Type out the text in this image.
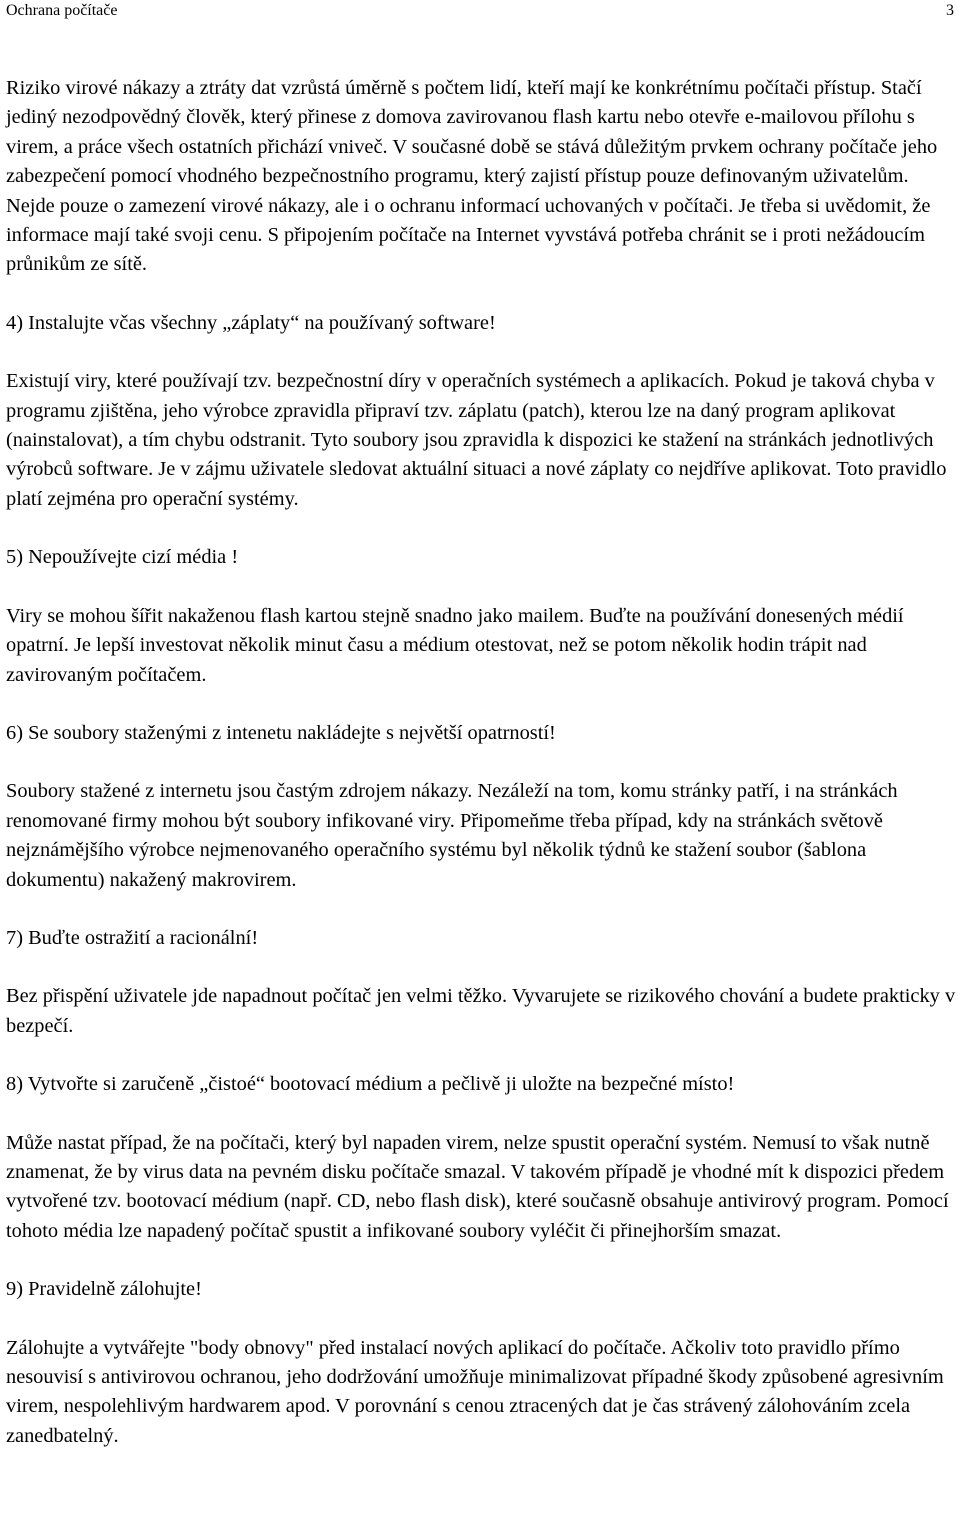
Ochrana počítače	3

Riziko virové nákazy a ztráty dat vzrůstá úměrně s počtem lidí, kteří mají ke konkrétnímu počítači přístup. Stačí jediný nezodpovědný člověk, který přinese z domova zavirovanou flash kartu nebo otevře e-mailovou přílohu s virem, a práce všech ostatních přichází vniveč. V současné době se stává důležitým prvkem ochrany počítače jeho zabezpečení pomocí vhodného bezpečnostního programu, který zajistí přístup pouze definovaným uživatelům. Nejde pouze o zamezení virové nákazy, ale i o ochranu informací uchovaných v počítači. Je třeba si uvědomit, že informace mají také svoji cenu. S připojením počítače na Internet vyvstává potřeba chránit se i proti nežádoucím průnikům ze sítě.

4) Instalujte včas všechny „záplaty“ na používaný software!

Existují viry, které používají tzv. bezpečnostní díry v operačních systémech a aplikacích. Pokud je taková chyba v programu zjištěna, jeho výrobce zpravidla připraví tzv. záplatu (patch), kterou lze na daný program aplikovat (nainstalovat), a tím chybu odstranit. Tyto soubory jsou zpravidla k dispozici ke stažení na stránkách jednotlivých výrobců software. Je v zájmu uživatele sledovat aktuální situaci a nové záplaty co nejdříve aplikovat. Toto pravidlo platí zejména pro operační systémy.

5) Nepoužívejte cizí média !

Viry se mohou šířit nakaženou flash kartou stejně snadno jako mailem. Buďte na používání donesených médií opatrní. Je lepší investovat několik minut času a médium otestovat, než se potom několik hodin trápit nad zavirovaným počítačem.

6) Se soubory staženými z intenetu nakládejte s největší opatrností!

Soubory stažené z internetu jsou častým zdrojem nákazy. Nezáleží na tom, komu stránky patří, i na stránkách renomované firmy mohou být soubory infikované viry. Připomeňme třeba případ, kdy na stránkách světově nejznámějšího výrobce nejmenovaného operačního systému byl několik týdnů ke stažení soubor (šablona dokumentu) nakažený makrovirem.

7) Buďte ostražití a racionální!

Bez přispění uživatele jde napadnout počítač jen velmi těžko. Vyvarujete se rizikového chování a budete prakticky v bezpečí.

8) Vytvořte si zaručeně „čistoé“ bootovací médium a pečlivě ji uložte na bezpečné místo!

Může nastat případ, že na počítači, který byl napaden virem, nelze spustit operační systém. Nemusí to však nutně znamenat, že by virus data na pevném disku počítače smazal. V takovém případě je vhodné mít k dispozici předem vytvořené tzv. bootovací médium (např. CD, nebo flash disk), které současně obsahuje antivirový program. Pomocí tohoto média lze napadený počítač spustit a infikované soubory vyléčit či přinejhorším smazat.

9) Pravidelně zálohujte!

Zálohujte a vytvářejte "body obnovy" před instalací nových aplikací do počítače. Ačkoliv toto pravidlo přímo nesouvisí s antivirovou ochranou, jeho dodržování umožňuje minimalizovat případné škody způsobené agresivním virem, nespolehlivým hardwarem apod. V porovnání s cenou ztracených dat je čas strávený zálohováním zcela zanedbatelný.
